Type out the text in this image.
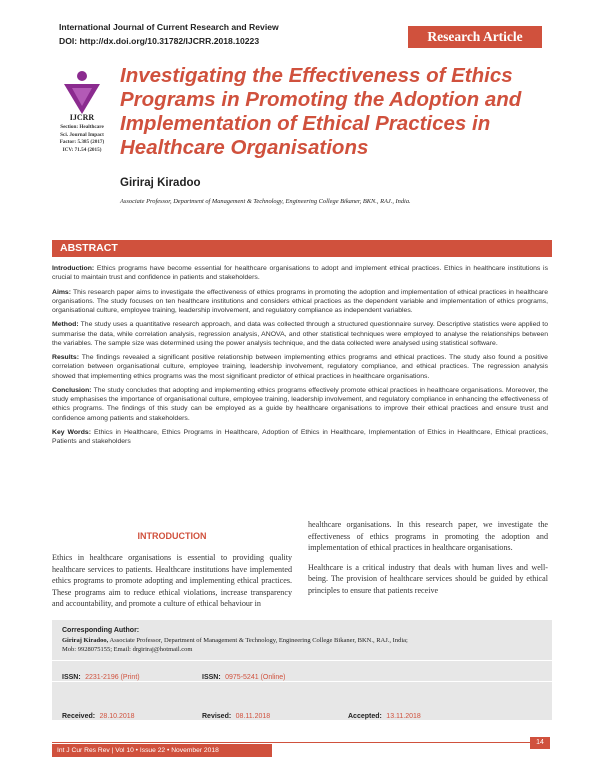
International Journal of Current Research and Review
DOI: http://dx.doi.org/10.31782/IJCRR.2018.10223	Research Article
IJCRR
Section: Healthcare
Sci. Journal Impact
Factor: 5.385 (2017)
ICV: 71.54 (2015)
Investigating the Effectiveness of Ethics Programs in Promoting the Adoption and Implementation of Ethical Practices in Healthcare Organisations
Giriraj Kiradoo
Associate Professor, Department of Management & Technology, Engineering College Bikaner, BKN., RAJ., India.
ABSTRACT

Introduction: Ethics programs have become essential for healthcare organisations to adopt and implement ethical practices. Ethics in healthcare institutions is crucial to maintain trust and confidence in patients and stakeholders.

Aims: This research paper aims to investigate the effectiveness of ethics programs in promoting the adoption and implementation of ethical practices in healthcare organisations. The study focuses on ten healthcare institutions and considers ethical practices as the dependent variable and implementation of ethics programs, organisational culture, employee training, leadership involvement, and regulatory compliance as independent variables.

Method: The study uses a quantitative research approach, and data was collected through a structured questionnaire survey. Descriptive statistics were applied to summarise the data, while correlation analysis, regression analysis, ANOVA, and other statistical techniques were employed to analyse the relationships between the variables. The sample size was determined using the power analysis technique, and the data collected were analysed using statistical software.

Results: The findings revealed a significant positive relationship between implementing ethics programs and ethical practices. The study also found a positive correlation between organisational culture, employee training, leadership involvement, regulatory compliance, and ethical practices. The regression analysis showed that implementing ethics programs was the most significant predictor of ethical practices in healthcare organisations.

Conclusion: The study concludes that adopting and implementing ethics programs effectively promote ethical practices in healthcare organisations. Moreover, the study emphasises the importance of organisational culture, employee training, leadership involvement, and regulatory compliance in enhancing the effectiveness of ethics programs. The findings of this study can be employed as a guide by healthcare organisations to improve their ethical practices and ensure trust and confidence among patients and stakeholders.

Key Words: Ethics in Healthcare, Ethics Programs in Healthcare, Adoption of Ethics in Healthcare, Implementation of Ethics in Healthcare, Ethical practices, Patients and stakeholders

INTRODUCTION

Ethics in healthcare organisations is essential to providing quality healthcare services to patients. Healthcare institutions have implemented ethics programs to promote adopting and implementing ethical practices. These programs aim to reduce ethical violations, increase transparency and accountability, and promote a culture of ethical behaviour in

healthcare organisations. In this research paper, we investigate the effectiveness of ethics programs in promoting the adoption and implementation of ethical practices in healthcare organisations.

Healthcare is a critical industry that deals with human lives and well-being. The provision of healthcare services should be guided by ethical principles to ensure that patients receive

Corresponding Author:
Giriraj Kiradoo, Associate Professor, Department of Management & Technology, Engineering College Bikaner, BKN., RAJ., India;
Mob: 9928075155; Email: drgiriraj@hotmail.com
ISSN: 2231-2196 (Print)	ISSN: 0975-5241 (Online)
Received: 28.10.2018	Revised: 08.11.2018	Accepted: 13.11.2018
Int J Cur Res Rev | Vol 10 • Issue 22 • November 2018
14
